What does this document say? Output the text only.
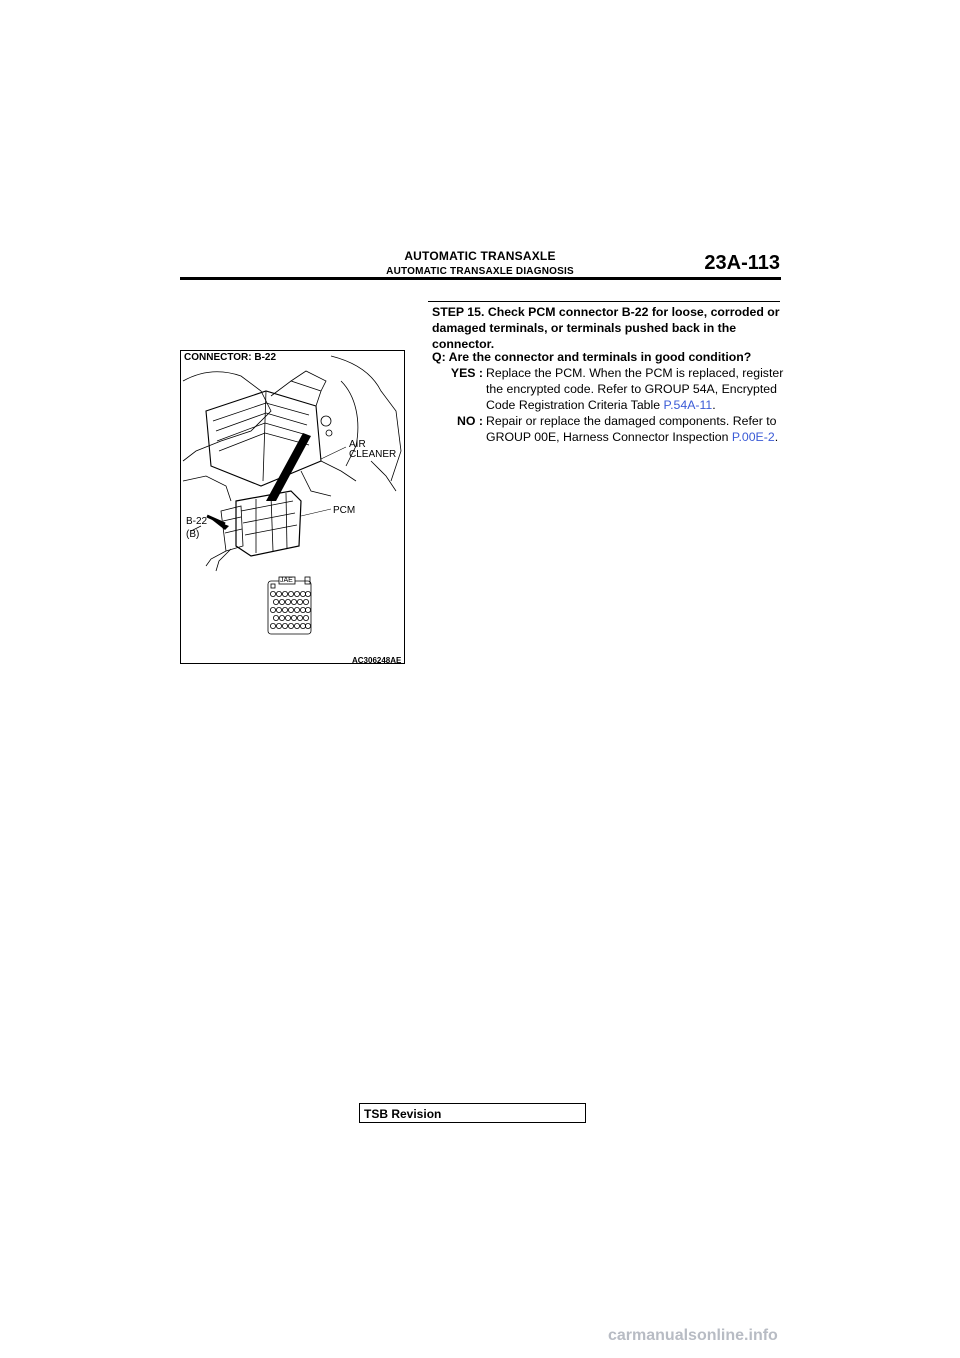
AUTOMATIC TRANSAXLE
AUTOMATIC TRANSAXLE DIAGNOSIS	23A-113
CONNECTOR: B-22
AIR
CLEANER
PCM
B-22
(B)
JAE
AC306248AE
STEP 15. Check PCM connector B-22 for loose, corroded or damaged terminals, or terminals pushed back in the connector.
Q: Are the connector and terminals in good condition?
YES : Replace the PCM. When the PCM is replaced, register the encrypted code. Refer to GROUP 54A, Encrypted Code Registration Criteria Table P.54A-11.
NO : Repair or replace the damaged components. Refer to GROUP 00E, Harness Connector Inspection P.00E-2.
TSB Revision
carmanualsonline.info
